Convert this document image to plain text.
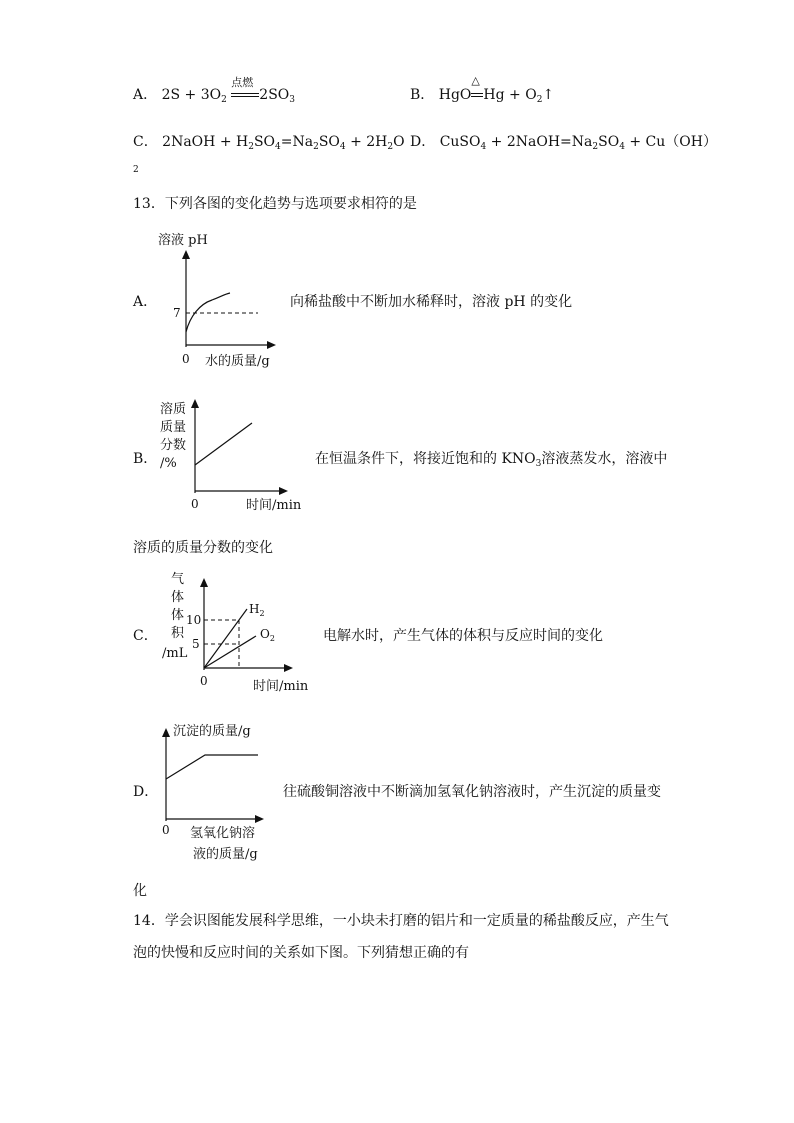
A． $2S + 3O_2$
点燃
$2SO_3$	B． HgO
△
$Hg + O_2↑$
C． 2NaOH + $H_2SO_4=Na_2SO_4 + 2H_2O$ D． CuSO$_4$ + $2NaOH=Na_2SO_4 + Cu(OH)$
2
13．下列各图的变化趋势与选项要求相符的是
A．
溶液 pH
7
0 水的质量/g
向稀盐酸中不断加水稀释时，溶液 pH 的变化
B．
溶质
质量
分数
/%
0	时间/min
在恒温条件下，将接近饱和的 $KNO_3$溶液蒸发水，溶液中
溶质的质量分数的变化
C．
气
体
体
积
/mL
10
5
$H_2$
$O_2$
0	时间/min
电解水时，产生气体的体积与反应时间的变化
D．
沉淀的质量/g
0 氢氧化钠溶
液的质量/g
往硫酸铜溶液中不断滴加氢氧化钠溶液时，产生沉淀的质量变
化
14．学会识图能发展科学思维，一小块未打磨的铝片和一定质量的稀盐酸反应，产生气
泡的快慢和反应时间的关系如下图。下列猜想正确的有
